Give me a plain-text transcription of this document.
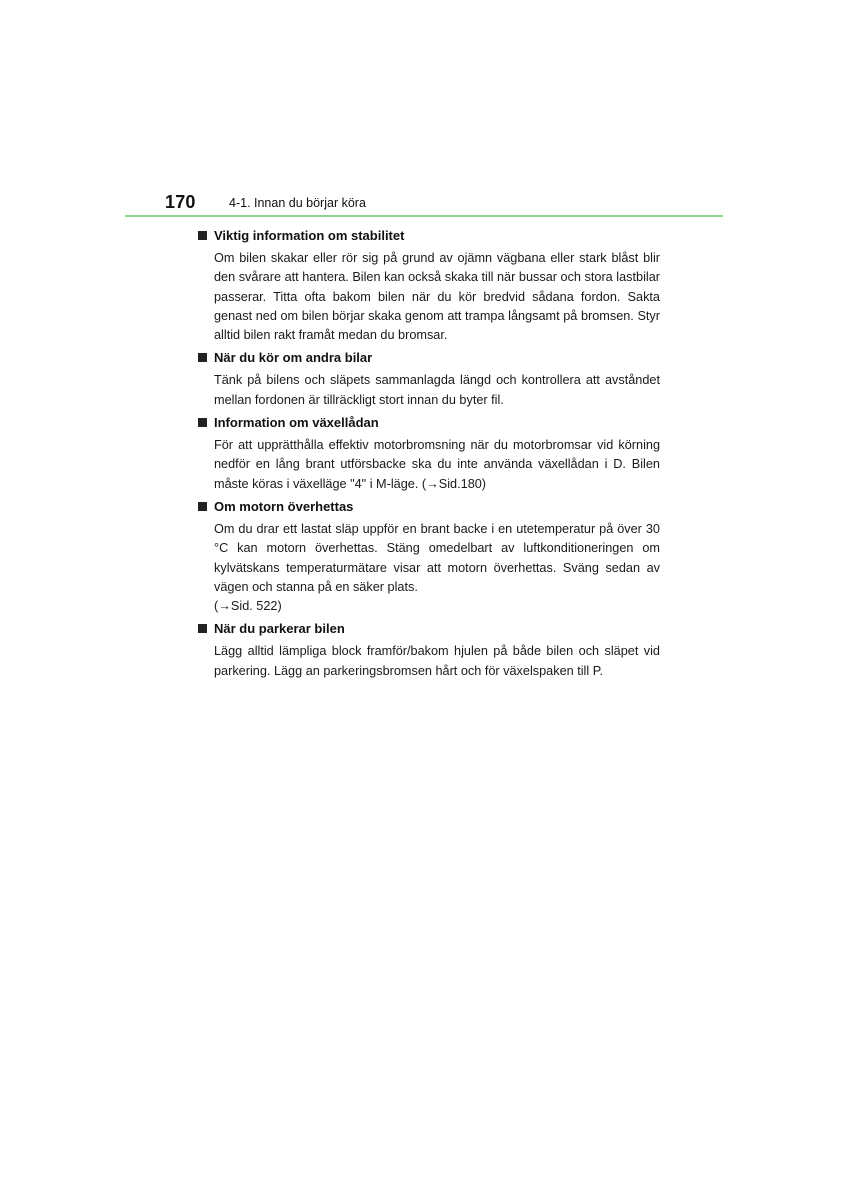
170	4-1. Innan du börjar köra
Viktig information om stabilitet

Om bilen skakar eller rör sig på grund av ojämn vägbana eller stark blåst blir den svårare att hantera. Bilen kan också skaka till när bussar och stora lastbilar passerar. Titta ofta bakom bilen när du kör bredvid sådana fordon. Sakta genast ned om bilen börjar skaka genom att trampa långsamt på bromsen. Styr alltid bilen rakt framåt medan du bromsar.

När du kör om andra bilar

Tänk på bilens och släpets sammanlagda längd och kontrollera att avståndet mellan fordonen är tillräckligt stort innan du byter fil.

Information om växellådan

För att upprätthålla effektiv motorbromsning när du motorbromsar vid körning nedför en lång brant utförsbacke ska du inte använda växellådan i D. Bilen måste köras i växelläge "4" i M-läge. (→Sid.180)

Om motorn överhettas

Om du drar ett lastat släp uppför en brant backe i en utetemperatur på över 30 °C kan motorn överhettas. Stäng omedelbart av luftkonditioneringen om kylvätskans temperaturmätare visar att motorn överhettas. Sväng sedan av vägen och stanna på en säker plats.

(→Sid. 522)

När du parkerar bilen

Lägg alltid lämpliga block framför/bakom hjulen på både bilen och släpet vid parkering. Lägg an parkeringsbromsen hårt och för växelspaken till P.
